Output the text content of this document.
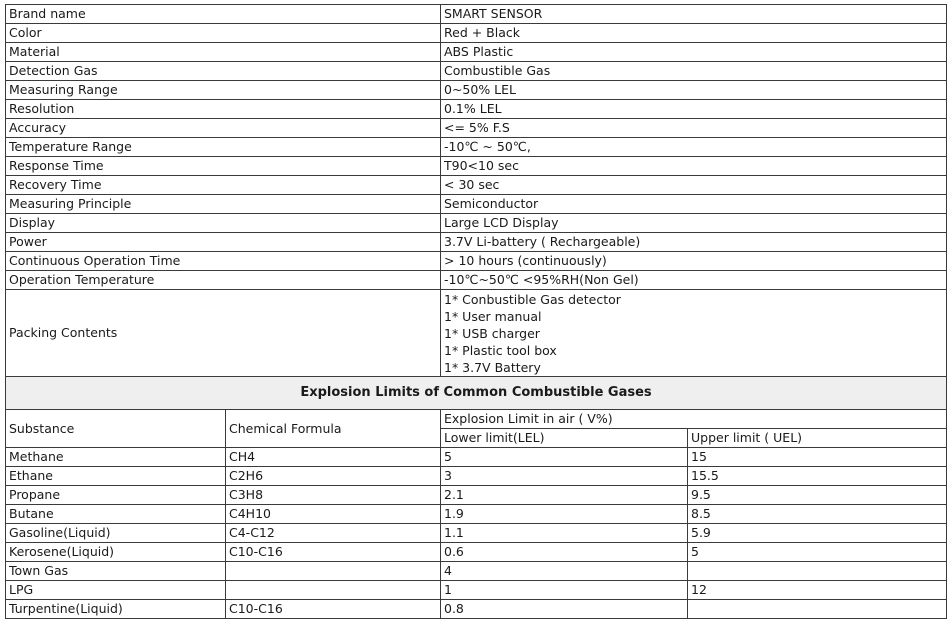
Brand name		SMART SENSOR	
Color		Red + Black	
Material		ABS Plastic	
Detection Gas		Combustible Gas	
Measuring Range		0~50% LEL	
Resolution		0.1% LEL	
Accuracy		<= 5% F.S	
Temperature Range		-10℃ ~ 50℃,	
Response Time		T90<10 sec	
Recovery Time		< 30 sec	
Measuring Principle		Semiconductor	
Display		Large LCD Display	
Power		3.7V Li-battery ( Rechargeable)	
Continuous Operation Time		> 10 hours (continuously)	
Operation Temperature		-10℃~50℃ <95%RH(Non Gel)	
Packing Contents		1* Conbustible Gas detector
1* User manual
1* USB charger
1* Plastic tool box
1* 3.7V Battery	

Explosion Limits of Common Combustible Gases			
Substance	Chemical Formula	Explosion Limit in air ( V%)	
		Lower limit(LEL)	Upper limit ( UEL)
Methane	CH4	5	15
Ethane	C2H6	3	15.5
Propane	C3H8	2.1	9.5
Butane	C4H10	1.9	8.5
Gasoline(Liquid)	C4-C12	1.1	5.9
Kerosene(Liquid)	C10-C16	0.6	5
Town Gas		4	
LPG		1	12
Turpentine(Liquid)	C10-C16	0.8	
